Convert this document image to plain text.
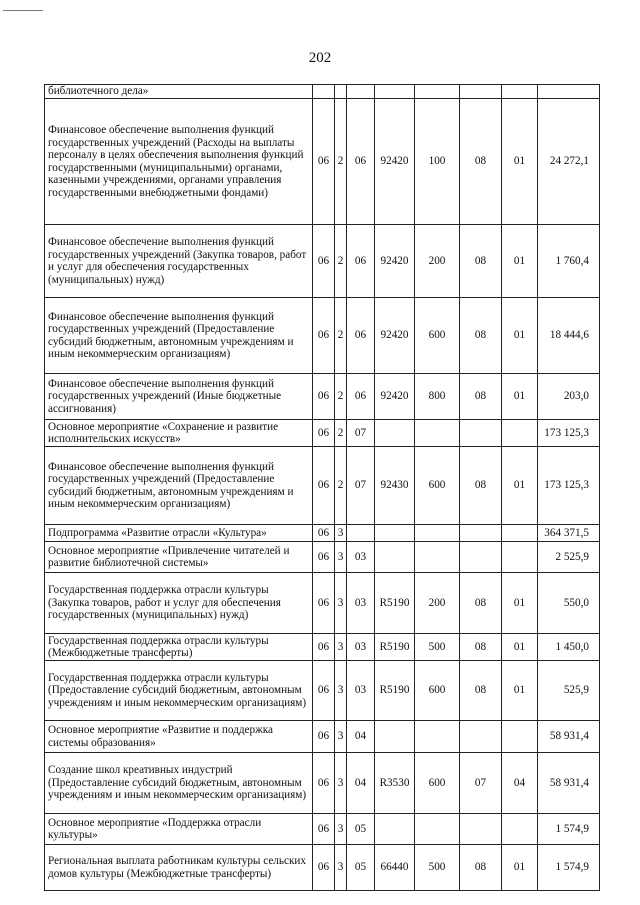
202
библиотечного дела»								
Финансовое обеспечение выполнения функций государственных учреждений (Расходы на выплаты персоналу в целях обеспечения выполнения функций государственными (муниципальными) органами, казенными учреждениями, органами управления государственными внебюджетными фондами)	06	2	06	92420	100	08	01	24 272,1
Финансовое обеспечение выполнения функций государственных учреждений (Закупка товаров, работ и услуг для обеспечения государственных (муниципальных) нужд)	06	2	06	92420	200	08	01	1 760,4
Финансовое обеспечение выполнения функций государственных учреждений (Предоставление субсидий бюджетным, автономным учреждениям и иным некоммерческим организациям)	06	2	06	92420	600	08	01	18 444,6
Финансовое обеспечение выполнения функций государственных учреждений (Иные бюджетные ассигнования)	06	2	06	92420	800	08	01	203,0
Основное мероприятие «Сохранение и развитие исполнительских искусств»	06	2	07					173 125,3
Финансовое обеспечение выполнения функций государственных учреждений (Предоставление субсидий бюджетным, автономным учреждениям и иным некоммерческим организациям)	06	2	07	92430	600	08	01	173 125,3
Подпрограмма «Развитие отрасли «Культура»	06	3						364 371,5
Основное мероприятие «Привлечение читателей и развитие библиотечной системы»	06	3	03					2 525,9
Государственная поддержка отрасли культуры (Закупка товаров, работ и услуг для обеспечения государственных (муниципальных) нужд)	06	3	03	R5190	200	08	01	550,0
Государственная поддержка отрасли культуры (Межбюджетные трансферты)	06	3	03	R5190	500	08	01	1 450,0
Государственная поддержка отрасли культуры (Предоставление субсидий бюджетным, автономным учреждениям и иным некоммерческим организациям)	06	3	03	R5190	600	08	01	525,9
Основное мероприятие «Развитие и поддержка системы образования»	06	3	04					58 931,4
Создание школ креативных индустрий (Предоставление субсидий бюджетным, автономным учреждениям и иным некоммерческим организациям)	06	3	04	R3530	600	07	04	58 931,4
Основное мероприятие «Поддержка отрасли культуры»	06	3	05					1 574,9
Региональная выплата работникам культуры сельских домов культуры (Межбюджетные трансферты)	06	3	05	66440	500	08	01	1 574,9
